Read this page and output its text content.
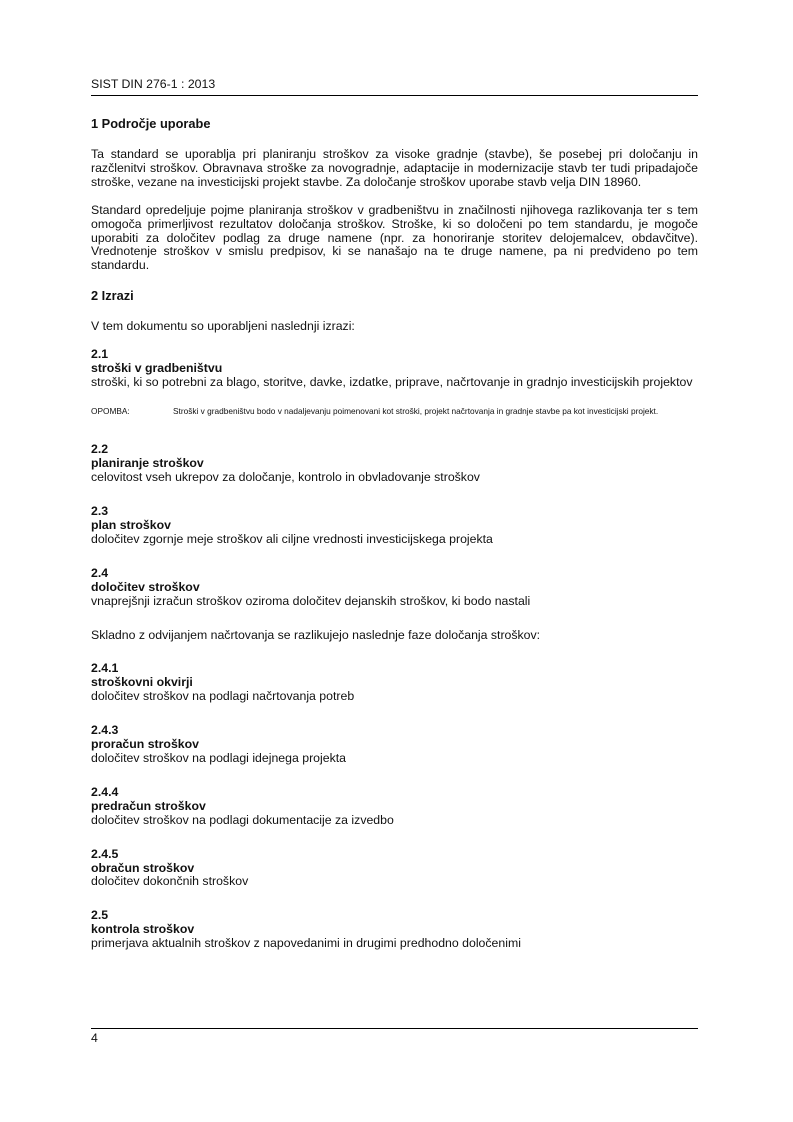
SIST DIN 276-1 : 2013
1 Področje uporabe

Ta standard se uporablja pri planiranju stroškov za visoke gradnje (stavbe), še posebej pri določanju in razčlenitvi stroškov. Obravnava stroške za novogradnje, adaptacije in modernizacije stavb ter tudi pripadajoče stroške, vezane na investicijski projekt stavbe. Za določanje stroškov uporabe stavb velja DIN 18960.

Standard opredeljuje pojme planiranja stroškov v gradbeništvu in značilnosti njihovega razlikovanja ter s tem omogoča primerljivost rezultatov določanja stroškov. Stroške, ki so določeni po tem standardu, je mogoče uporabiti za določitev podlag za druge namene (npr. za honoriranje storitev delojemalcev, obdavčitve). Vrednotenje stroškov v smislu predpisov, ki se nanašajo na te druge namene, pa ni predvideno po tem standardu.

2 Izrazi

V tem dokumentu so uporabljeni naslednji izrazi:

2.1
stroški v gradbeništvu
stroški, ki so potrebni za blago, storitve, davke, izdatke, priprave, načrtovanje in gradnjo investicijskih projektov
OPOMBA:	Stroški v gradbeništvu bodo v nadaljevanju poimenovani kot stroški, projekt načrtovanja in gradnje stavbe pa kot investicijski projekt.
2.2
planiranje stroškov
celovitost vseh ukrepov za določanje, kontrolo in obvladovanje stroškov
2.3
plan stroškov
določitev zgornje meje stroškov ali ciljne vrednosti investicijskega projekta
2.4
določitev stroškov
vnaprejšnji izračun stroškov oziroma določitev dejanskih stroškov, ki bodo nastali

Skladno z odvijanjem načrtovanja se razlikujejo naslednje faze določanja stroškov:

2.4.1
stroškovni okvirji
določitev stroškov na podlagi načrtovanja potreb
2.4.3
proračun stroškov
določitev stroškov na podlagi idejnega projekta
2.4.4
predračun stroškov
določitev stroškov na podlagi dokumentacije za izvedbo
2.4.5
obračun stroškov
določitev dokončnih stroškov
2.5
kontrola stroškov
primerjava aktualnih stroškov z napovedanimi in drugimi predhodno določenimi
4
